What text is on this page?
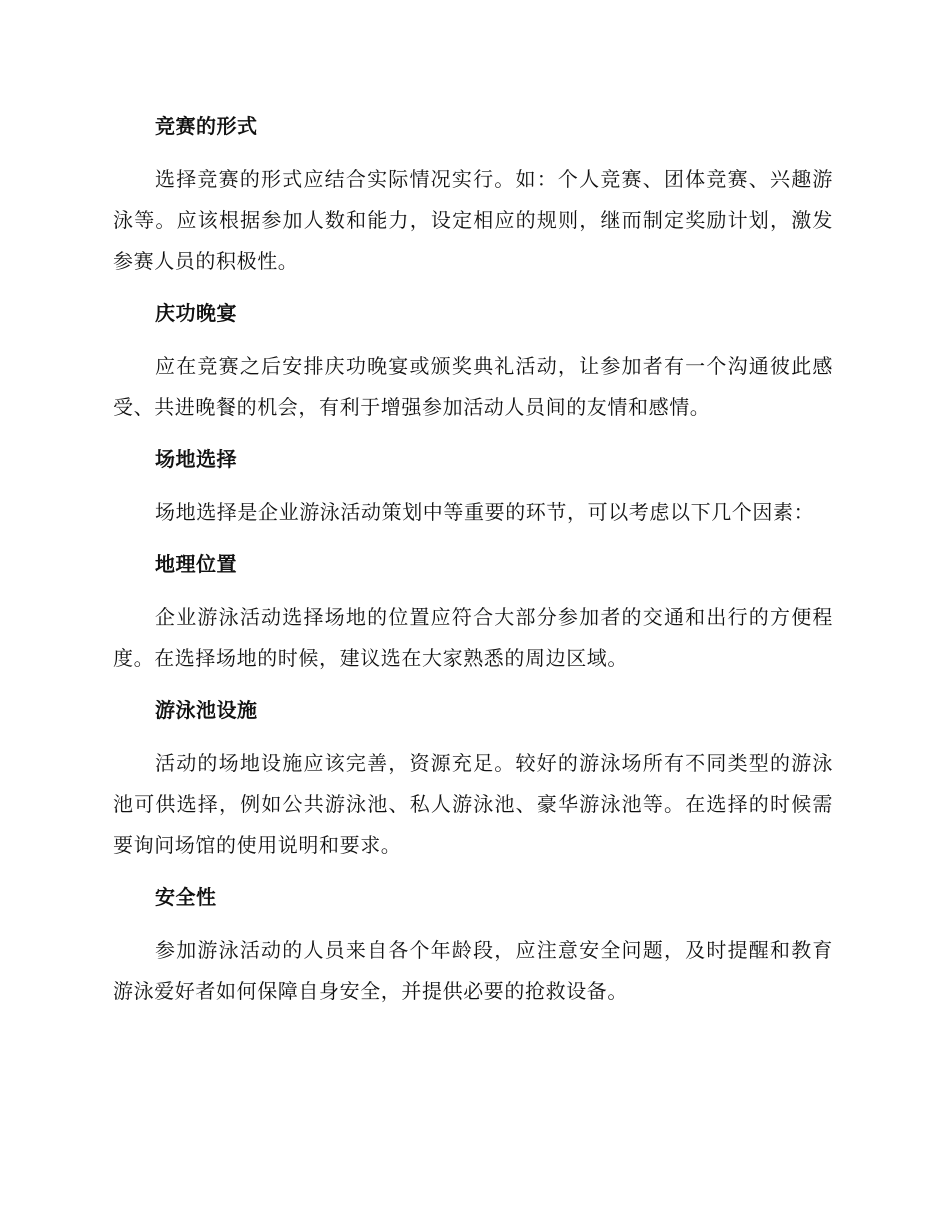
竞赛的形式

选择竞赛的形式应结合实际情况实行。如：个人竞赛、团体竞赛、兴趣游泳等。应该根据参加人数和能力，设定相应的规则，继而制定奖励计划，激发参赛人员的积极性。

庆功晚宴

应在竞赛之后安排庆功晚宴或颁奖典礼活动，让参加者有一个沟通彼此感受、共进晚餐的机会，有利于增强参加活动人员间的友情和感情。

场地选择

场地选择是企业游泳活动策划中等重要的环节，可以考虑以下几个因素：

地理位置

企业游泳活动选择场地的位置应符合大部分参加者的交通和出行的方便程度。在选择场地的时候，建议选在大家熟悉的周边区域。

游泳池设施

活动的场地设施应该完善，资源充足。较好的游泳场所有不同类型的游泳池可供选择，例如公共游泳池、私人游泳池、豪华游泳池等。在选择的时候需要询问场馆的使用说明和要求。

安全性

参加游泳活动的人员来自各个年龄段，应注意安全问题，及时提醒和教育游泳爱好者如何保障自身安全，并提供必要的抢救设备。
